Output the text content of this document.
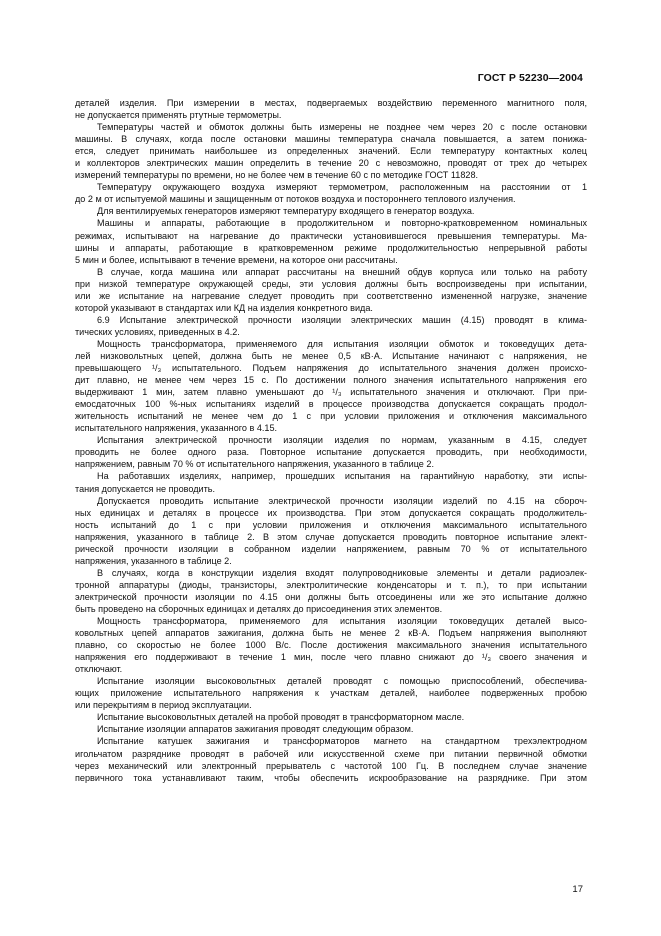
ГОСТ Р 52230—2004
деталей изделия. При измерении в местах, подвергаемых воздействию переменного магнитного поля,
не допускается применять ртутные термометры.
Температуры частей и обмоток должны быть измерены не позднее чем через 20 с после остановки
машины. В случаях, когда после остановки машины температура сначала повышается, а затем понижа-
ется, следует принимать наибольшее из определенных значений. Если температуру контактных колец
и коллекторов электрических машин определить в течение 20 с невозможно, проводят от трех до четырех
измерений температуры по времени, но не более чем в течение 60 с по методике ГОСТ 11828.
Температуру окружающего воздуха измеряют термометром, расположенным на расстоянии от 1
до 2 м от испытуемой машины и защищенным от потоков воздуха и постороннего теплового излучения.
Для вентилируемых генераторов измеряют температуру входящего в генератор воздуха.
Машины и аппараты, работающие в продолжительном и повторно-кратковременном номинальных
режимах, испытывают на нагревание до практически установившегося превышения температуры. Ма-
шины и аппараты, работающие в кратковременном режиме продолжительностью непрерывной работы
5 мин и более, испытывают в течение времени, на которое они рассчитаны.
В случае, когда машина или аппарат рассчитаны на внешний обдув корпуса или только на работу
при низкой температуре окружающей среды, эти условия должны быть воспроизведены при испытании,
или же испытание на нагревание следует проводить при соответственно измененной нагрузке, значение
которой указывают в стандартах или КД на изделия конкретного вида.
6.9 Испытание электрической прочности изоляции электрических машин (4.15) проводят в клима-
тических условиях, приведенных в 4.2.
Мощность трансформатора, применяемого для испытания изоляции обмоток и токоведущих дета-
лей низковольтных цепей, должна быть не менее 0,5 кВ·А. Испытание начинают с напряжения, не
превышающего ¹/₃ испытательного. Подъем напряжения до испытательного значения должен происхо-
дит плавно, не менее чем через 15 с. По достижении полного значения испытательного напряжения его
выдерживают 1 мин, затем плавно уменьшают до ¹/₃ испытательного значения и отключают. При при-
емосдаточных 100 %-ных испытаниях изделий в процессе производства допускается сокращать продол-
жительность испытаний не менее чем до 1 с при условии приложения и отключения максимального
испытательного напряжения, указанного в 4.15.
Испытания электрической прочности изоляции изделия по нормам, указанным в 4.15, следует
проводить не более одного раза. Повторное испытание допускается проводить, при необходимости,
напряжением, равным 70 % от испытательного напряжения, указанного в таблице 2.
На работавших изделиях, например, прошедших испытания на гарантийную наработку, эти испы-
тания допускается не проводить.
Допускается проводить испытание электрической прочности изоляции изделий по 4.15 на сбороч-
ных единицах и деталях в процессе их производства. При этом допускается сокращать продолжитель-
ность испытаний до 1 с при условии приложения и отключения максимального испытательного
напряжения, указанного в таблице 2. В этом случае допускается проводить повторное испытание элект-
рической прочности изоляции в собранном изделии напряжением, равным 70 % от испытательного
напряжения, указанного в таблице 2.
В случаях, когда в конструкции изделия входят полупроводниковые элементы и детали радиоэлек-
тронной аппаратуры (диоды, транзисторы, электролитические конденсаторы и т. п.), то при испытании
электрической прочности изоляции по 4.15 они должны быть отсоединены или же это испытание должно
быть проведено на сборочных единицах и деталях до присоединения этих элементов.
Мощность трансформатора, применяемого для испытания изоляции токоведущих деталей высо-
ковольтных цепей аппаратов зажигания, должна быть не менее 2 кВ·А. Подъем напряжения выполняют
плавно, со скоростью не более 1000 В/с. После достижения максимального значения испытательного
напряжения его поддерживают в течение 1 мин, после чего плавно снижают до ¹/₃ своего значения и
отключают.
Испытание изоляции высоковольтных деталей проводят с помощью приспособлений, обеспечива-
ющих приложение испытательного напряжения к участкам деталей, наиболее подверженных пробою
или перекрытиям в период эксплуатации.
Испытание высоковольтных деталей на пробой проводят в трансформаторном масле.
Испытание изоляции аппаратов зажигания проводят следующим образом.
Испытание катушек зажигания и трансформаторов магнето на стандартном трехэлектродном
игольчатом разряднике проводят в рабочей или искусственной схеме при питании первичной обмотки
через механический или электронный прерыватель с частотой 100 Гц. В последнем случае значение
первичного тока устанавливают таким, чтобы обеспечить искрообразование на разряднике. При этом
17
